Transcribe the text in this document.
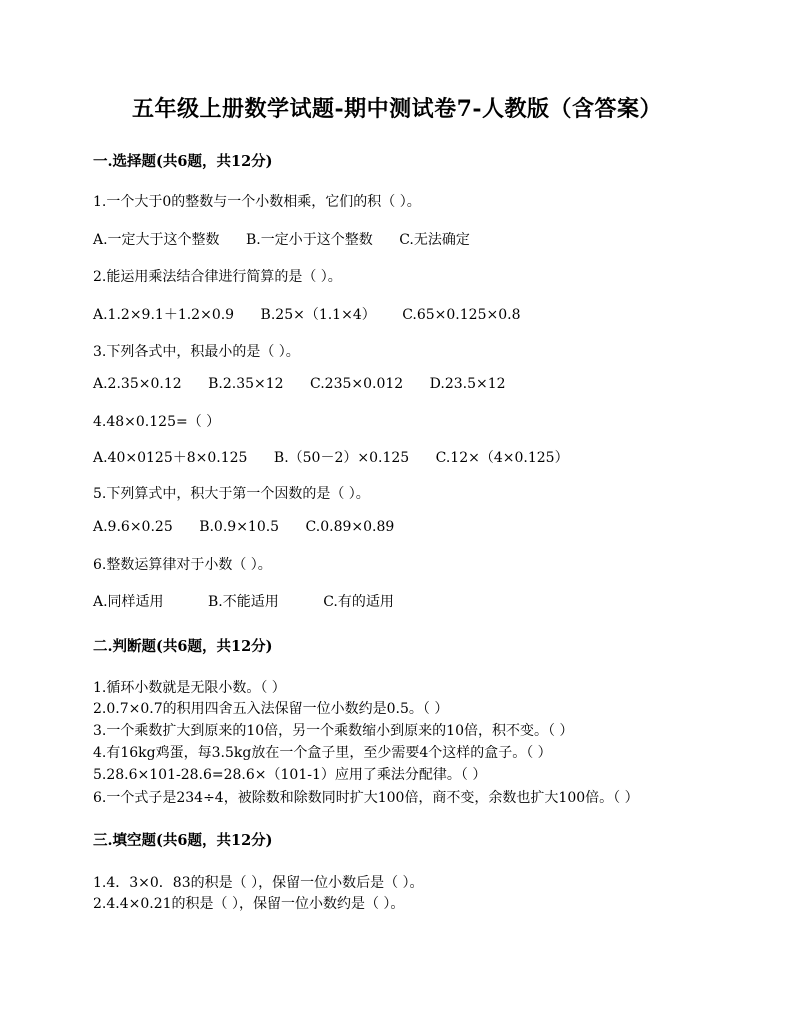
五年级上册数学试题-期中测试卷7-人教版（含答案）
一.选择题(共6题，共12分)
1.一个大于0的整数与一个小数相乘，它们的积（ ）。
A.一定大于这个整数 B.一定小于这个整数 C.无法确定
2.能运用乘法结合律进行简算的是（ ）。
A.1.2×9.1＋1.2×0.9 B.25×（1.1×4） C.65×0.125×0.8
3.下列各式中，积最小的是（ ）。
A.2.35×0.12 B.2.35×12 C.235×0.012 D.23.5×12
4.48×0.125=（ ）
A.40×0125＋8×0.125 B.（50－2）×0.125 C.12×（4×0.125）
5.下列算式中，积大于第一个因数的是（ ）。
A.9.6×0.25 B.0.9×10.5 C.0.89×0.89
6.整数运算律对于小数（ ）。
A.同样适用	B.不能适用	C.有的适用
二.判断题(共6题，共12分)
1.循环小数就是无限小数。（ ）
2.0.7×0.7的积用四舍五入法保留一位小数约是0.5。（ ）
3.一个乘数扩大到原来的10倍，另一个乘数缩小到原来的10倍，积不变。（ ）
4.有16kg鸡蛋，每3.5kg放在一个盒子里，至少需要4个这样的盒子。（ ）
5.28.6×101-28.6=28.6×（101-1）应用了乘法分配律。（ ）
6.一个式子是234÷4，被除数和除数同时扩大100倍，商不变，余数也扩大100倍。（ ）
三.填空题(共6题，共12分)
1.4．3×0．83的积是（ ），保留一位小数后是（ ）。
2.4.4×0.21的积是（ ），保留一位小数约是（ ）。
